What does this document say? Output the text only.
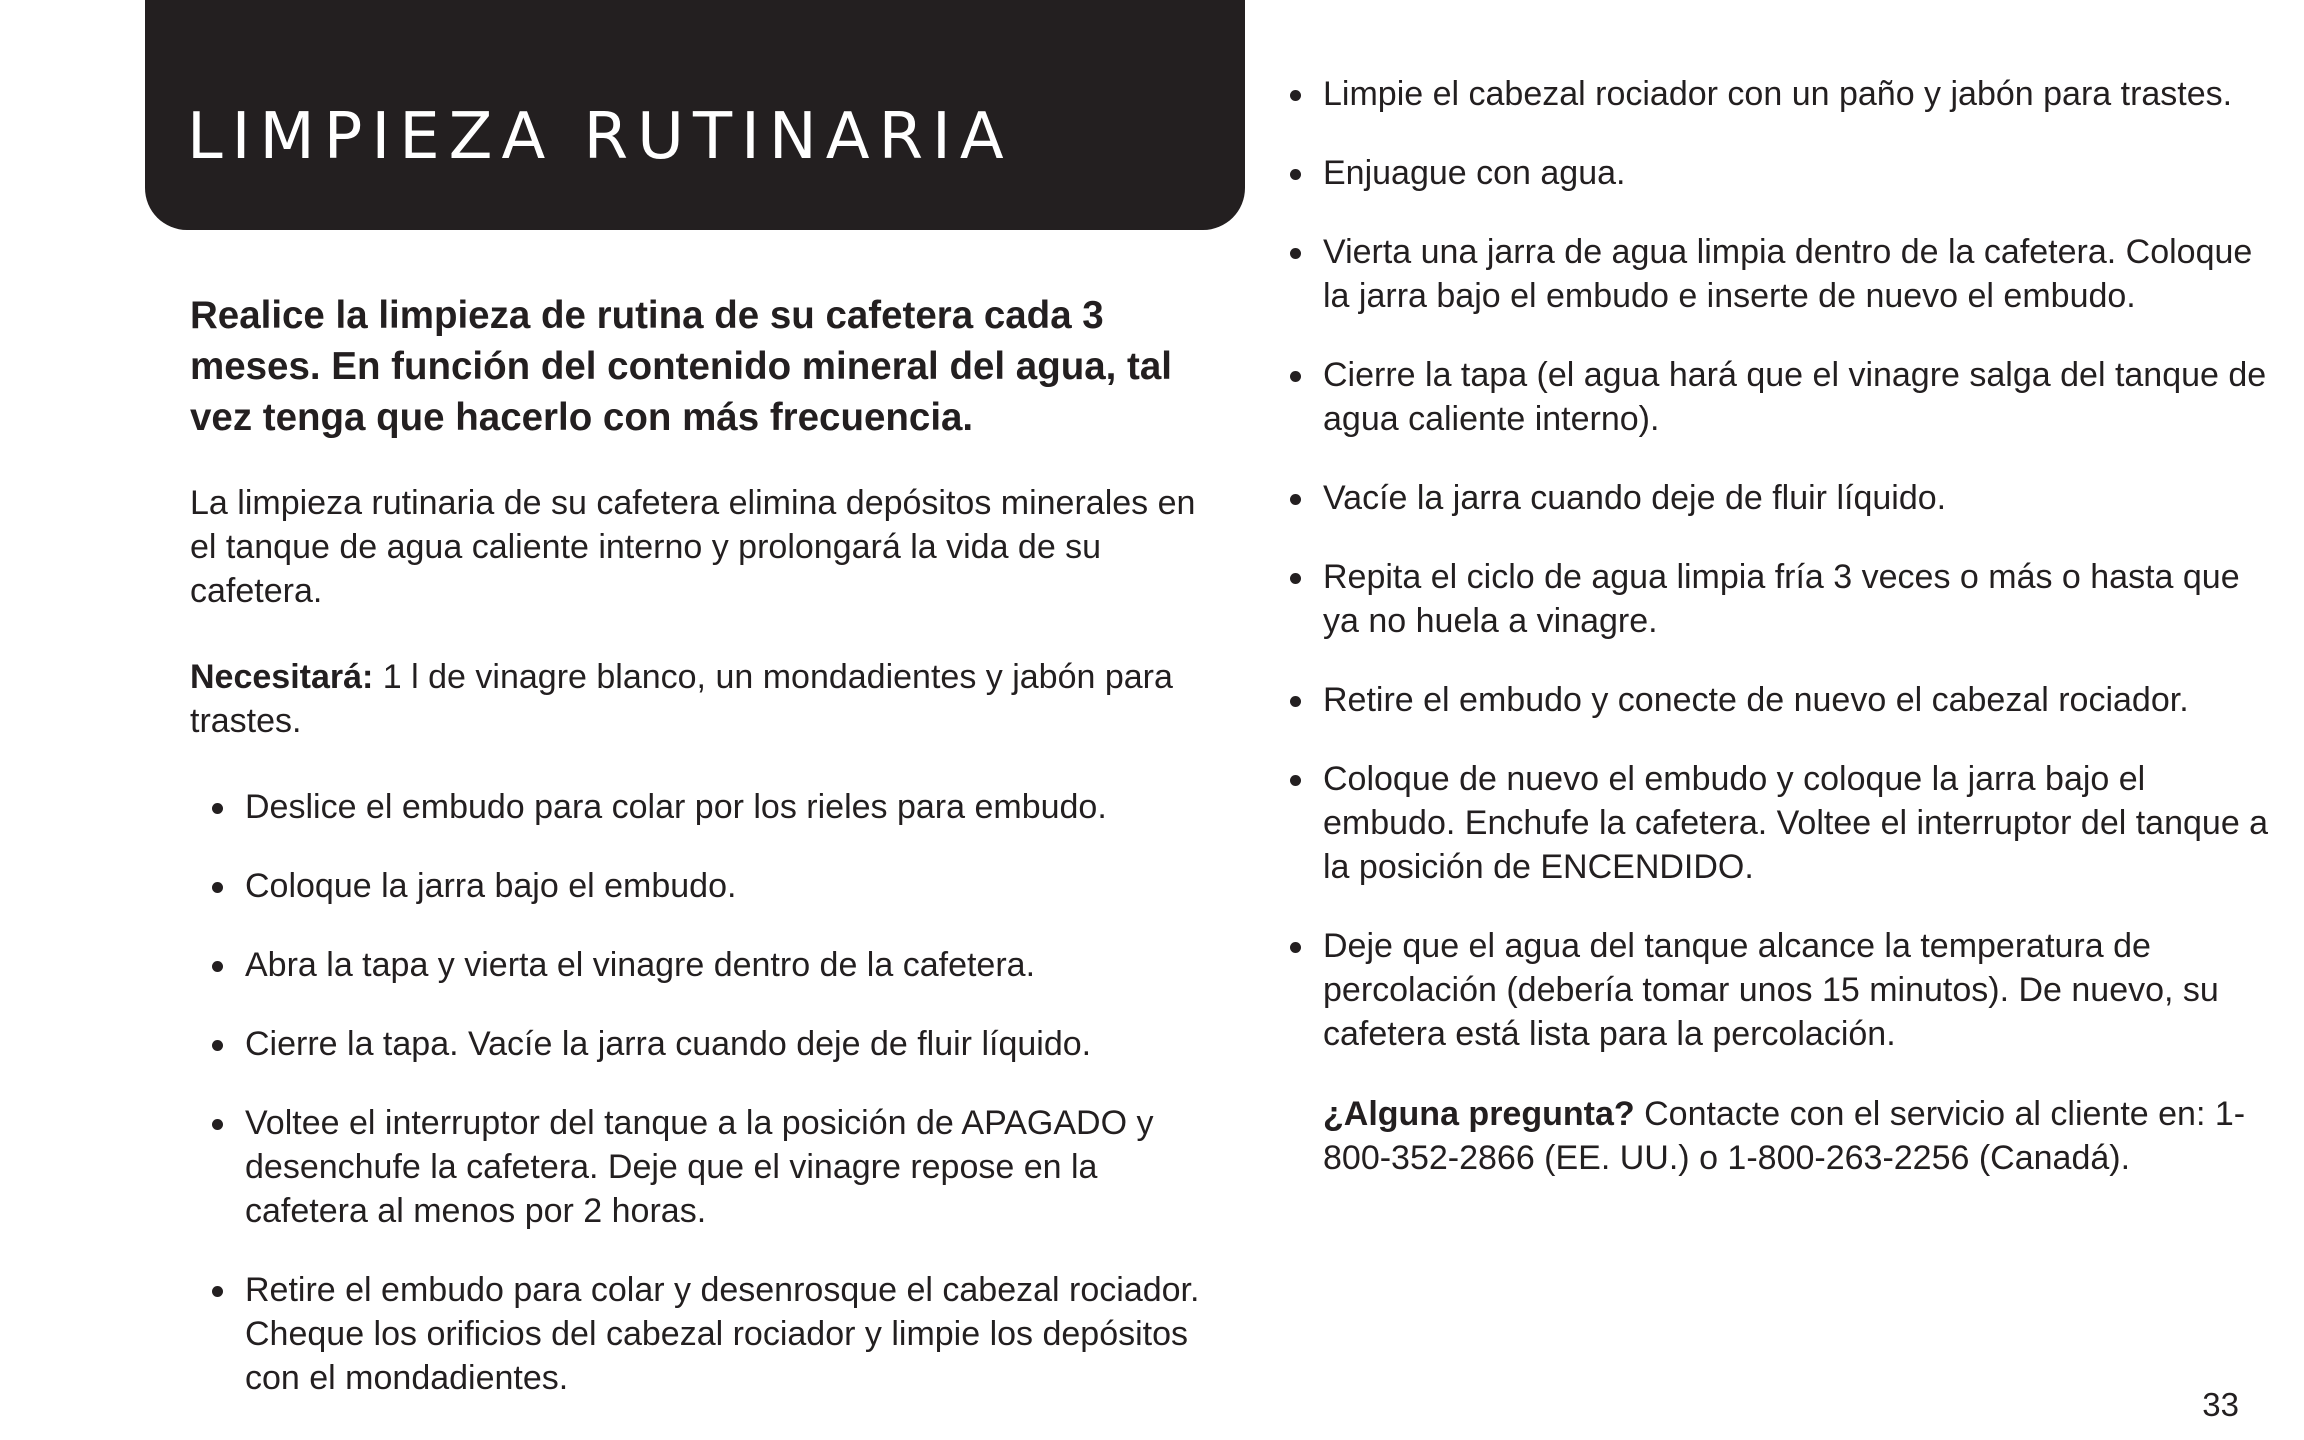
LIMPIEZA RUTINARIA

Realice la limpieza de rutina de su cafetera cada 3 meses. En función del contenido mineral del agua, tal vez tenga que hacerlo con más frecuencia.

La limpieza rutinaria de su cafetera elimina depósitos minerales en el tanque de agua caliente interno y prolongará la vida de su cafetera.

Necesitará: 1 l de vinagre blanco, un mondadientes y jabón para trastes.

Deslice el embudo para colar por los rieles para embudo.
Coloque la jarra bajo el embudo.
Abra la tapa y vierta el vinagre dentro de la cafetera.
Cierre la tapa. Vacíe la jarra cuando deje de fluir líquido.
Voltee el interruptor del tanque a la posición de APAGADO y desenchufe la cafetera. Deje que el vinagre repose en la cafetera al menos por 2 horas.
Retire el embudo para colar y desenrosque el cabezal rociador. Cheque los orificios del cabezal rociador y limpie los depósitos con el mondadientes.
Limpie el cabezal rociador con un paño y jabón para trastes.
Enjuague con agua.
Vierta una jarra de agua limpia dentro de la cafetera. Coloque la jarra bajo el embudo e inserte de nuevo el embudo.
Cierre la tapa (el agua hará que el vinagre salga del tanque de agua caliente interno).
Vacíe la jarra cuando deje de fluir líquido.
Repita el ciclo de agua limpia fría 3 veces o más o hasta que ya no huela a vinagre.
Retire el embudo y conecte de nuevo el cabezal rociador.
Coloque de nuevo el embudo y coloque la jarra bajo el embudo. Enchufe la cafetera. Voltee el interruptor del tanque a la posición de ENCENDIDO.
Deje que el agua del tanque alcance la temperatura de percolación (debería tomar unos 15 minutos). De nuevo, su cafetera está lista para la percolación.

¿Alguna pregunta? Contacte con el servicio al cliente en: 1-800-352-2866 (EE. UU.) o 1-800-263-2256 (Canadá).

33
